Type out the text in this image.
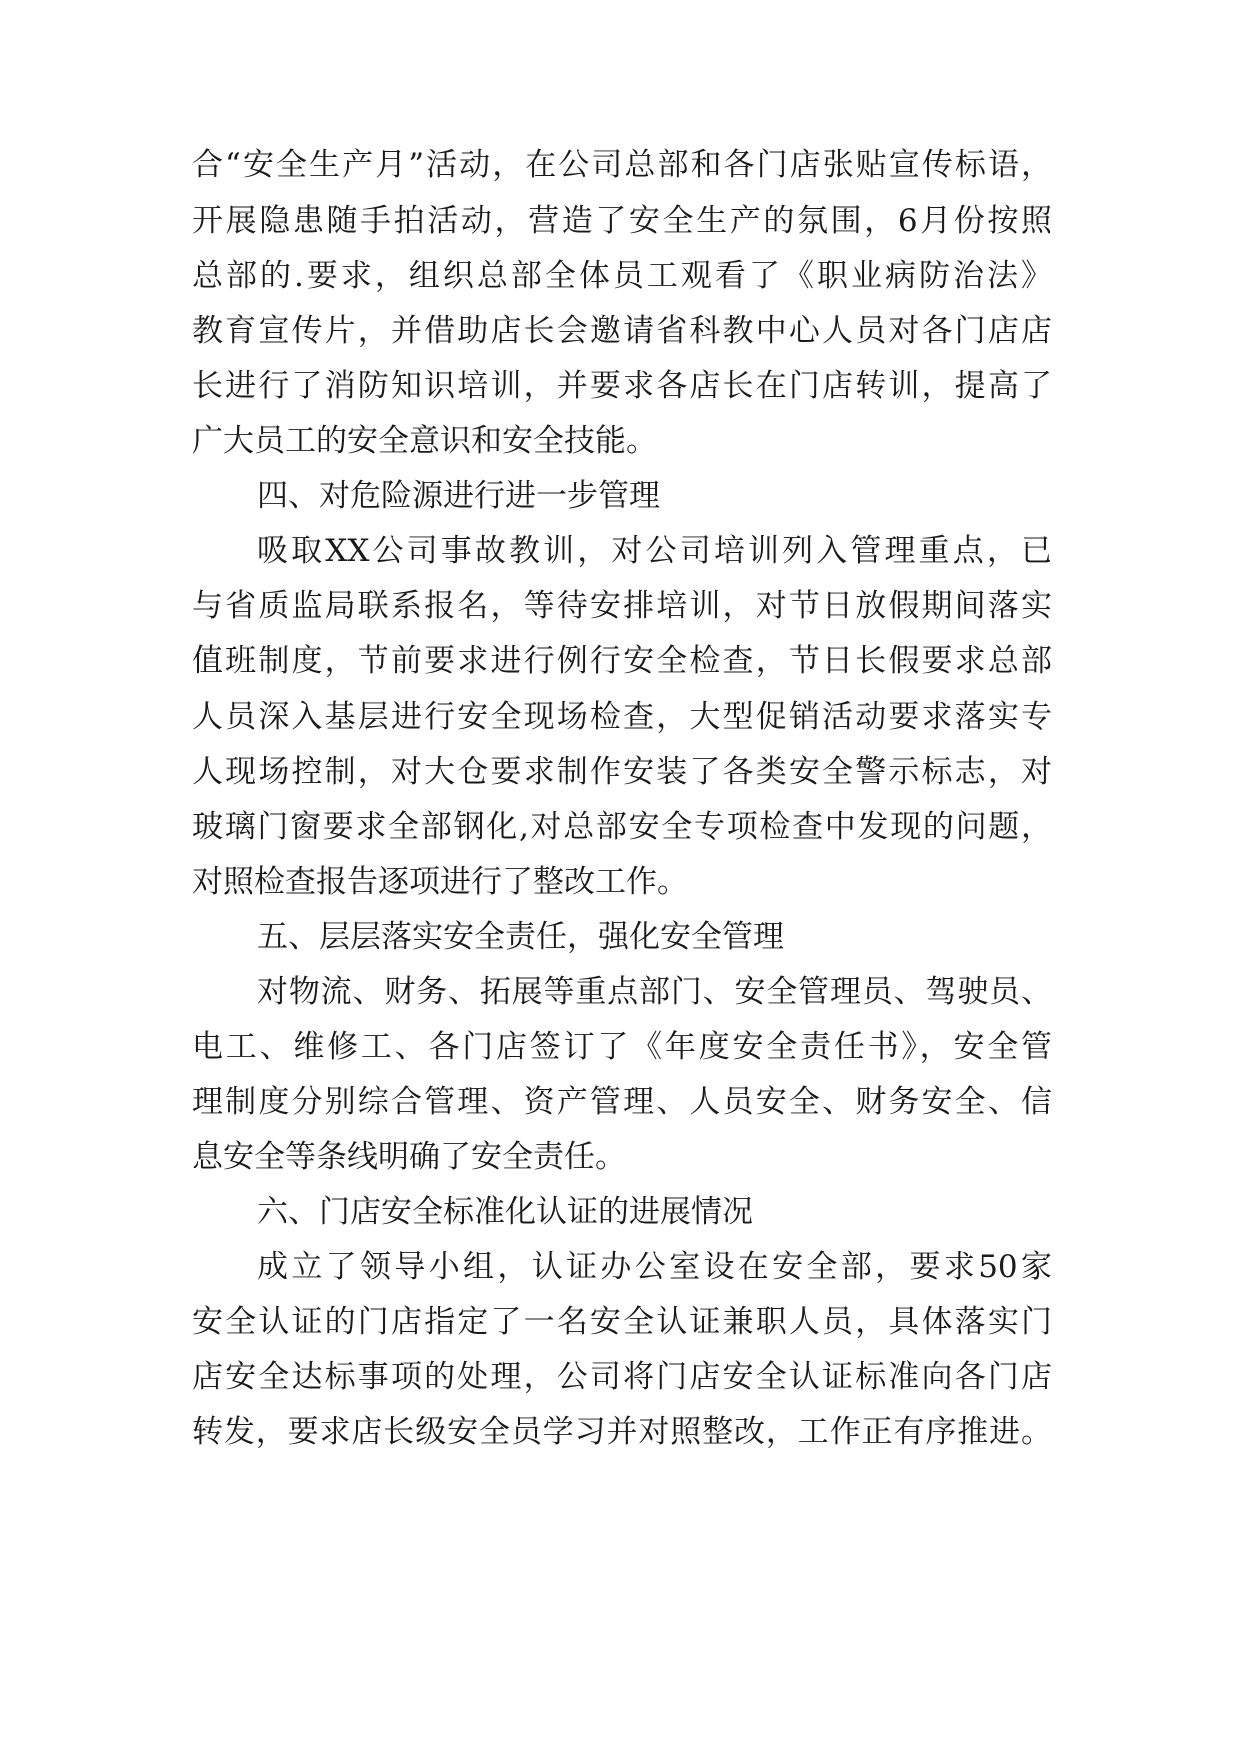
合“安全生产月”活动，在公司总部和各门店张贴宣传标语，
开展隐患随手拍活动，营造了安全生产的氛围，6月份按照
总部的.要求，组织总部全体员工观看了《职业病防治法》
教育宣传片，并借助店长会邀请省科教中心人员对各门店店
长进行了消防知识培训，并要求各店长在门店转训，提高了
广大员工的安全意识和安全技能。
四、对危险源进行进一步管理
吸取XX公司事故教训，对公司培训列入管理重点，已
与省质监局联系报名，等待安排培训，对节日放假期间落实
值班制度，节前要求进行例行安全检查，节日长假要求总部
人员深入基层进行安全现场检查，大型促销活动要求落实专
人现场控制，对大仓要求制作安装了各类安全警示标志，对
玻璃门窗要求全部钢化,对总部安全专项检查中发现的问题，
对照检查报告逐项进行了整改工作。
五、层层落实安全责任，强化安全管理
对物流、财务、拓展等重点部门、安全管理员、驾驶员、
电工、维修工、各门店签订了《年度安全责任书》，安全管
理制度分别综合管理、资产管理、人员安全、财务安全、信
息安全等条线明确了安全责任。
六、门店安全标准化认证的进展情况
成立了领导小组，认证办公室设在安全部，要求50家
安全认证的门店指定了一名安全认证兼职人员，具体落实门
店安全达标事项的处理，公司将门店安全认证标准向各门店
转发，要求店长级安全员学习并对照整改，工作正有序推进。
